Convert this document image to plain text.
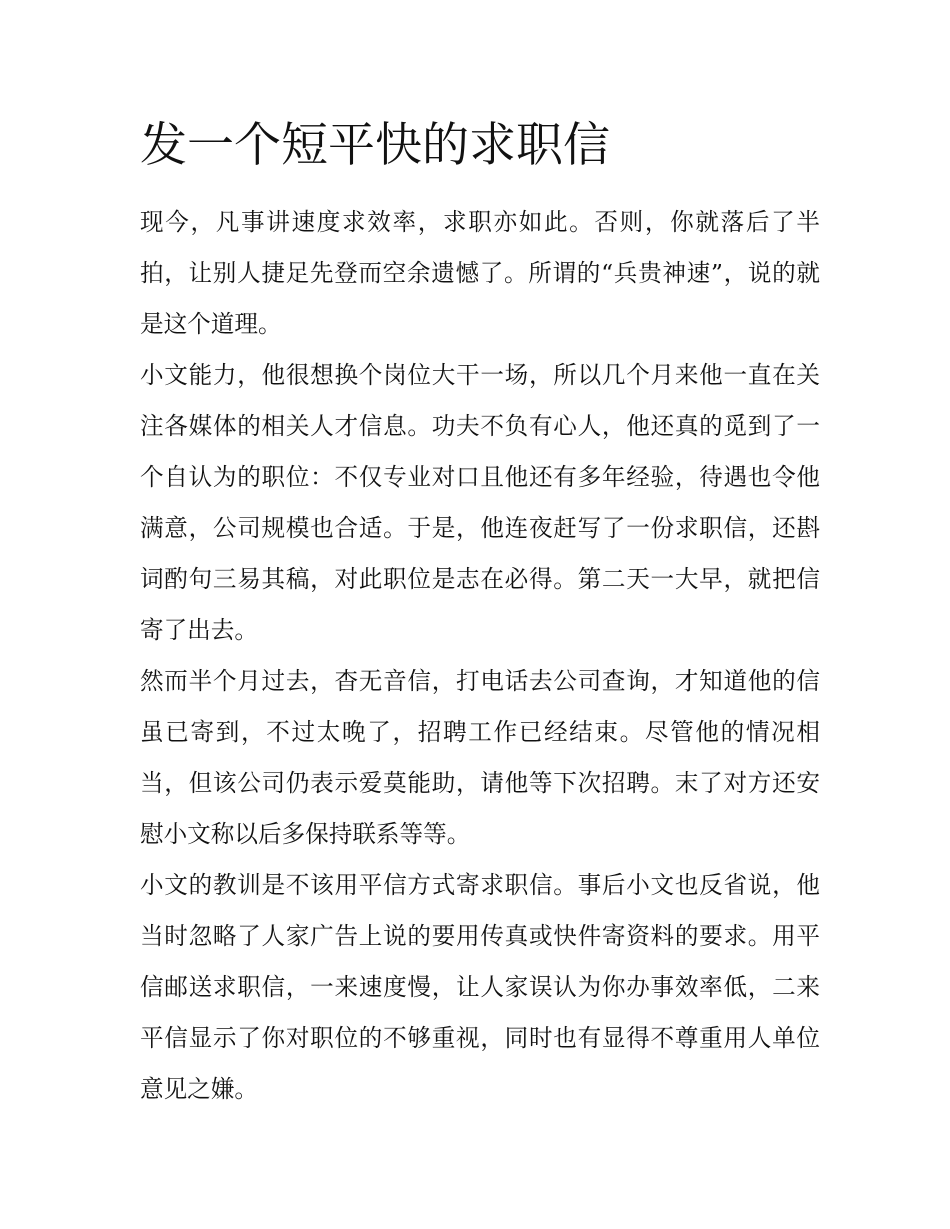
发一个短平快的求职信

现今，凡事讲速度求效率，求职亦如此。否则，你就落后了半拍，让别人捷足先登而空余遗憾了。所谓的“兵贵神速”，说的就是这个道理。

小文能力，他很想换个岗位大干一场，所以几个月来他一直在关注各媒体的相关人才信息。功夫不负有心人，他还真的觅到了一个自认为的职位：不仅专业对口且他还有多年经验，待遇也令他满意，公司规模也合适。于是，他连夜赶写了一份求职信，还斟词酌句三易其稿，对此职位是志在必得。第二天一大早，就把信寄了出去。

然而半个月过去，杳无音信，打电话去公司查询，才知道他的信虽已寄到，不过太晚了，招聘工作已经结束。尽管他的情况相当，但该公司仍表示爱莫能助，请他等下次招聘。末了对方还安慰小文称以后多保持联系等等。

小文的教训是不该用平信方式寄求职信。事后小文也反省说，他当时忽略了人家广告上说的要用传真或快件寄资料的要求。用平信邮送求职信，一来速度慢，让人家误认为你办事效率低，二来平信显示了你对职位的不够重视，同时也有显得不尊重用人单位意见之嫌。
